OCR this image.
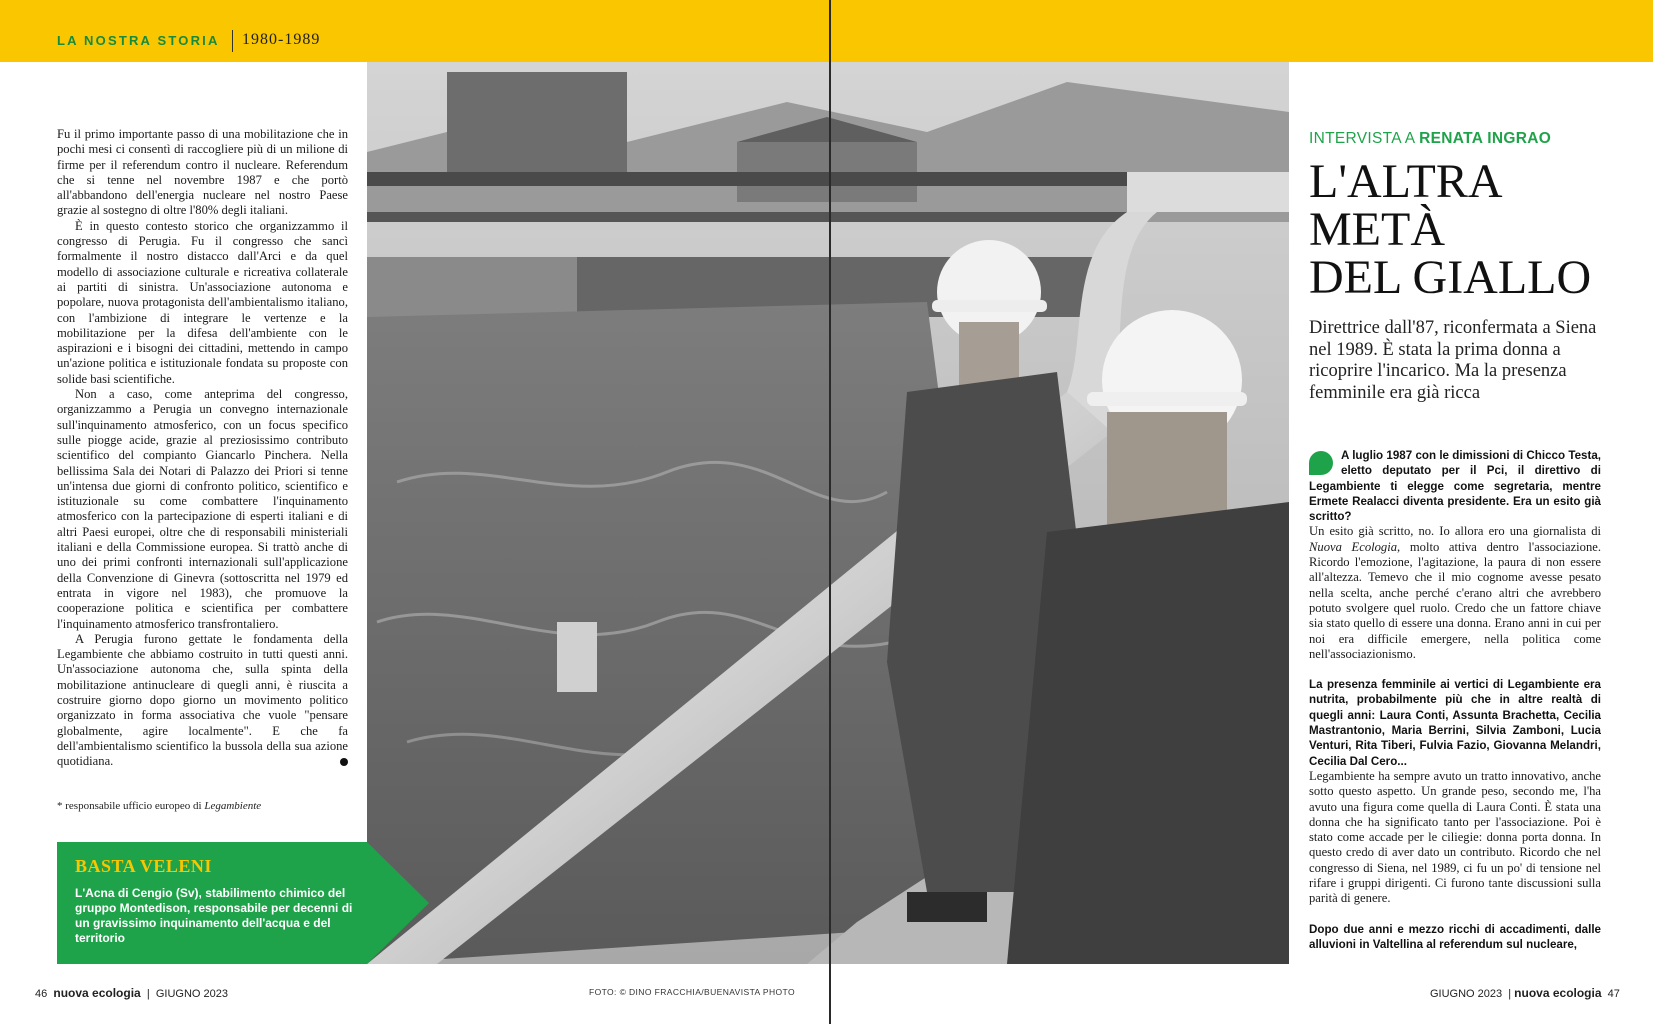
LA NOSTRA STORIA 1980-1989

Fu il primo importante passo di una mobilitazione che in pochi mesi ci consentì di raccogliere più di un milione di firme per il referendum contro il nucleare. Referendum che si tenne nel novembre 1987 e che portò all'abbandono dell'energia nucleare nel nostro Paese grazie al sostegno di oltre l'80% degli italiani.

È in questo contesto storico che organizzammo il congresso di Perugia. Fu il congresso che sancì formalmente il nostro distacco dall'Arci e da quel modello di associazione culturale e ricreativa collaterale ai partiti di sinistra. Un'associazione autonoma e popolare, nuova protagonista dell'ambientalismo italiano, con l'ambizione di integrare le vertenze e la mobilitazione per la difesa dell'ambiente con le aspirazioni e i bisogni dei cittadini, mettendo in campo un'azione politica e istituzionale fondata su proposte con solide basi scientifiche.

Non a caso, come anteprima del congresso, organizzammo a Perugia un convegno internazionale sull'inquinamento atmosferico, con un focus specifico sulle piogge acide, grazie al preziosissimo contributo scientifico del compianto Giancarlo Pinchera. Nella bellissima Sala dei Notari di Palazzo dei Priori si tenne un'intensa due giorni di confronto politico, scientifico e istituzionale su come combattere l'inquinamento atmosferico con la partecipazione di esperti italiani e di altri Paesi europei, oltre che di responsabili ministeriali italiani e della Commissione europea. Si trattò anche di uno dei primi confronti internazionali sull'applicazione della Convenzione di Ginevra (sottoscritta nel 1979 ed entrata in vigore nel 1983), che promuove la cooperazione politica e scientifica per combattere l'inquinamento atmosferico transfrontaliero.

A Perugia furono gettate le fondamenta della Legambiente che abbiamo costruito in tutti questi anni. Un'associazione autonoma che, sulla spinta della mobilitazione antinucleare di quegli anni, è riuscita a costruire giorno dopo giorno un movimento politico organizzato in forma associativa che vuole "pensare globalmente, agire localmente". E che fa dell'ambientalismo scientifico la bussola della sua azione quotidiana.

* responsabile ufficio europeo di Legambiente
BASTA VELENI
L'Acna di Cengio (Sv), stabilimento chimico del gruppo Montedison, responsabile per decenni di un gravissimo inquinamento dell'acqua e del territorio
INTERVISTA A RENATA INGRAO
L'ALTRA
METÀ
DEL GIALLO
Direttrice dall'87, riconfermata a Siena nel 1989. È stata la prima donna a ricoprire l'incarico. Ma la presenza femminile era già ricca

A luglio 1987 con le dimissioni di Chicco Testa, eletto deputato per il Pci, il direttivo di Legambiente ti elegge come segretaria, mentre Ermete Realacci diventa presidente. Era un esito già scritto?

Un esito già scritto, no. Io allora ero una giornalista di Nuova Ecologia, molto attiva dentro l'associazione. Ricordo l'emozione, l'agitazione, la paura di non essere all'altezza. Temevo che il mio cognome avesse pesato nella scelta, anche perché c'erano altri che avrebbero potuto svolgere quel ruolo. Credo che un fattore chiave sia stato quello di essere una donna. Erano anni in cui per noi era difficile emergere, nella politica come nell'associazionismo.

La presenza femminile ai vertici di Legambiente era nutrita, probabilmente più che in altre realtà di quegli anni: Laura Conti, Assunta Brachetta, Cecilia Mastrantonio, Maria Berrini, Silvia Zamboni, Lucia Venturi, Rita Tiberi, Fulvia Fazio, Giovanna Melandri, Cecilia Dal Cero...

Legambiente ha sempre avuto un tratto innovativo, anche sotto questo aspetto. Un grande peso, secondo me, l'ha avuto una figura come quella di Laura Conti. È stata una donna che ha significato tanto per l'associazione. Poi è stato come accade per le ciliegie: donna porta donna. In questo credo di aver dato un contributo. Ricordo che nel congresso di Siena, nel 1989, ci fu un po' di tensione nel rifare i gruppi dirigenti. Ci furono tante discussioni sulla parità di genere.

Dopo due anni e mezzo ricchi di accadimenti, dalle alluvioni in Valtellina al referendum sul nucleare,

46 nuova ecologia  |  GIUGNO 2023	FOTO: © DINO FRACCHIA/BUENAVISTA PHOTO	GIUGNO 2023  | nuova ecologia 47
